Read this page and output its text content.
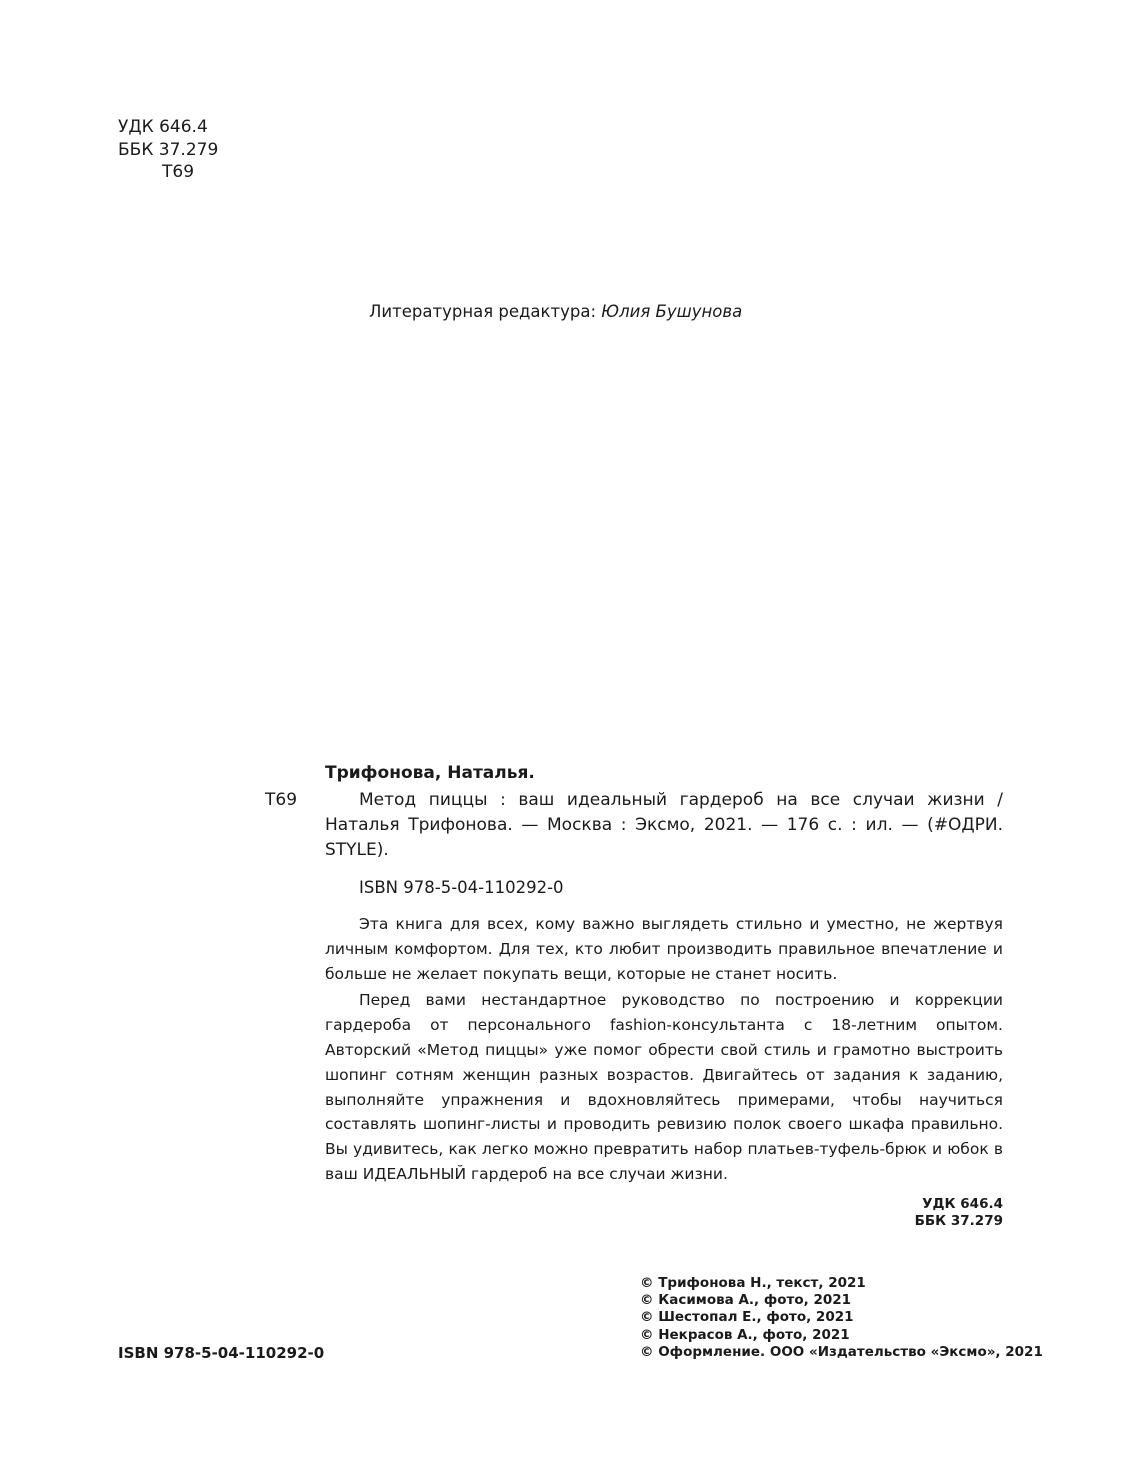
УДК 646.4
ББК 37.279
Т69
Литературная редактура: Юлия Бушунова
Трифонова, Наталья.
Т69	Метод пиццы : ваш идеальный гардероб на все случаи жизни / Наталья Трифонова. — Москва : Эксмо, 2021. — 176 с. : ил. — (#ОДРИ. STYLE).

ISBN 978-5-04-110292-0

Эта книга для всех, кому важно выглядеть стильно и уместно, не жертвуя личным комфортом. Для тех, кто любит производить правильное впечатление и больше не желает покупать вещи, которые не станет носить.

Перед вами нестандартное руководство по построению и коррекции гардероба от персонального fashion-консультанта с 18-летним опытом. Авторский «Метод пиццы» уже помог обрести свой стиль и грамотно выстроить шопинг сотням женщин разных возрастов. Двигайтесь от задания к заданию, выполняйте упражнения и вдохновляйтесь примерами, чтобы научиться составлять шопинг-листы и проводить ревизию полок своего шкафа правильно. Вы удивитесь, как легко можно превратить набор платьев-туфель-брюк и юбок в ваш ИДЕАЛЬНЫЙ гардероб на все случаи жизни.

УДК 646.4
ББК 37.279
© Трифонова Н., текст, 2021
© Касимова А., фото, 2021
© Шестопал Е., фото, 2021
© Некрасов А., фото, 2021
© Оформление. ООО «Издательство «Эксмо», 2021
ISBN 978-5-04-110292-0
